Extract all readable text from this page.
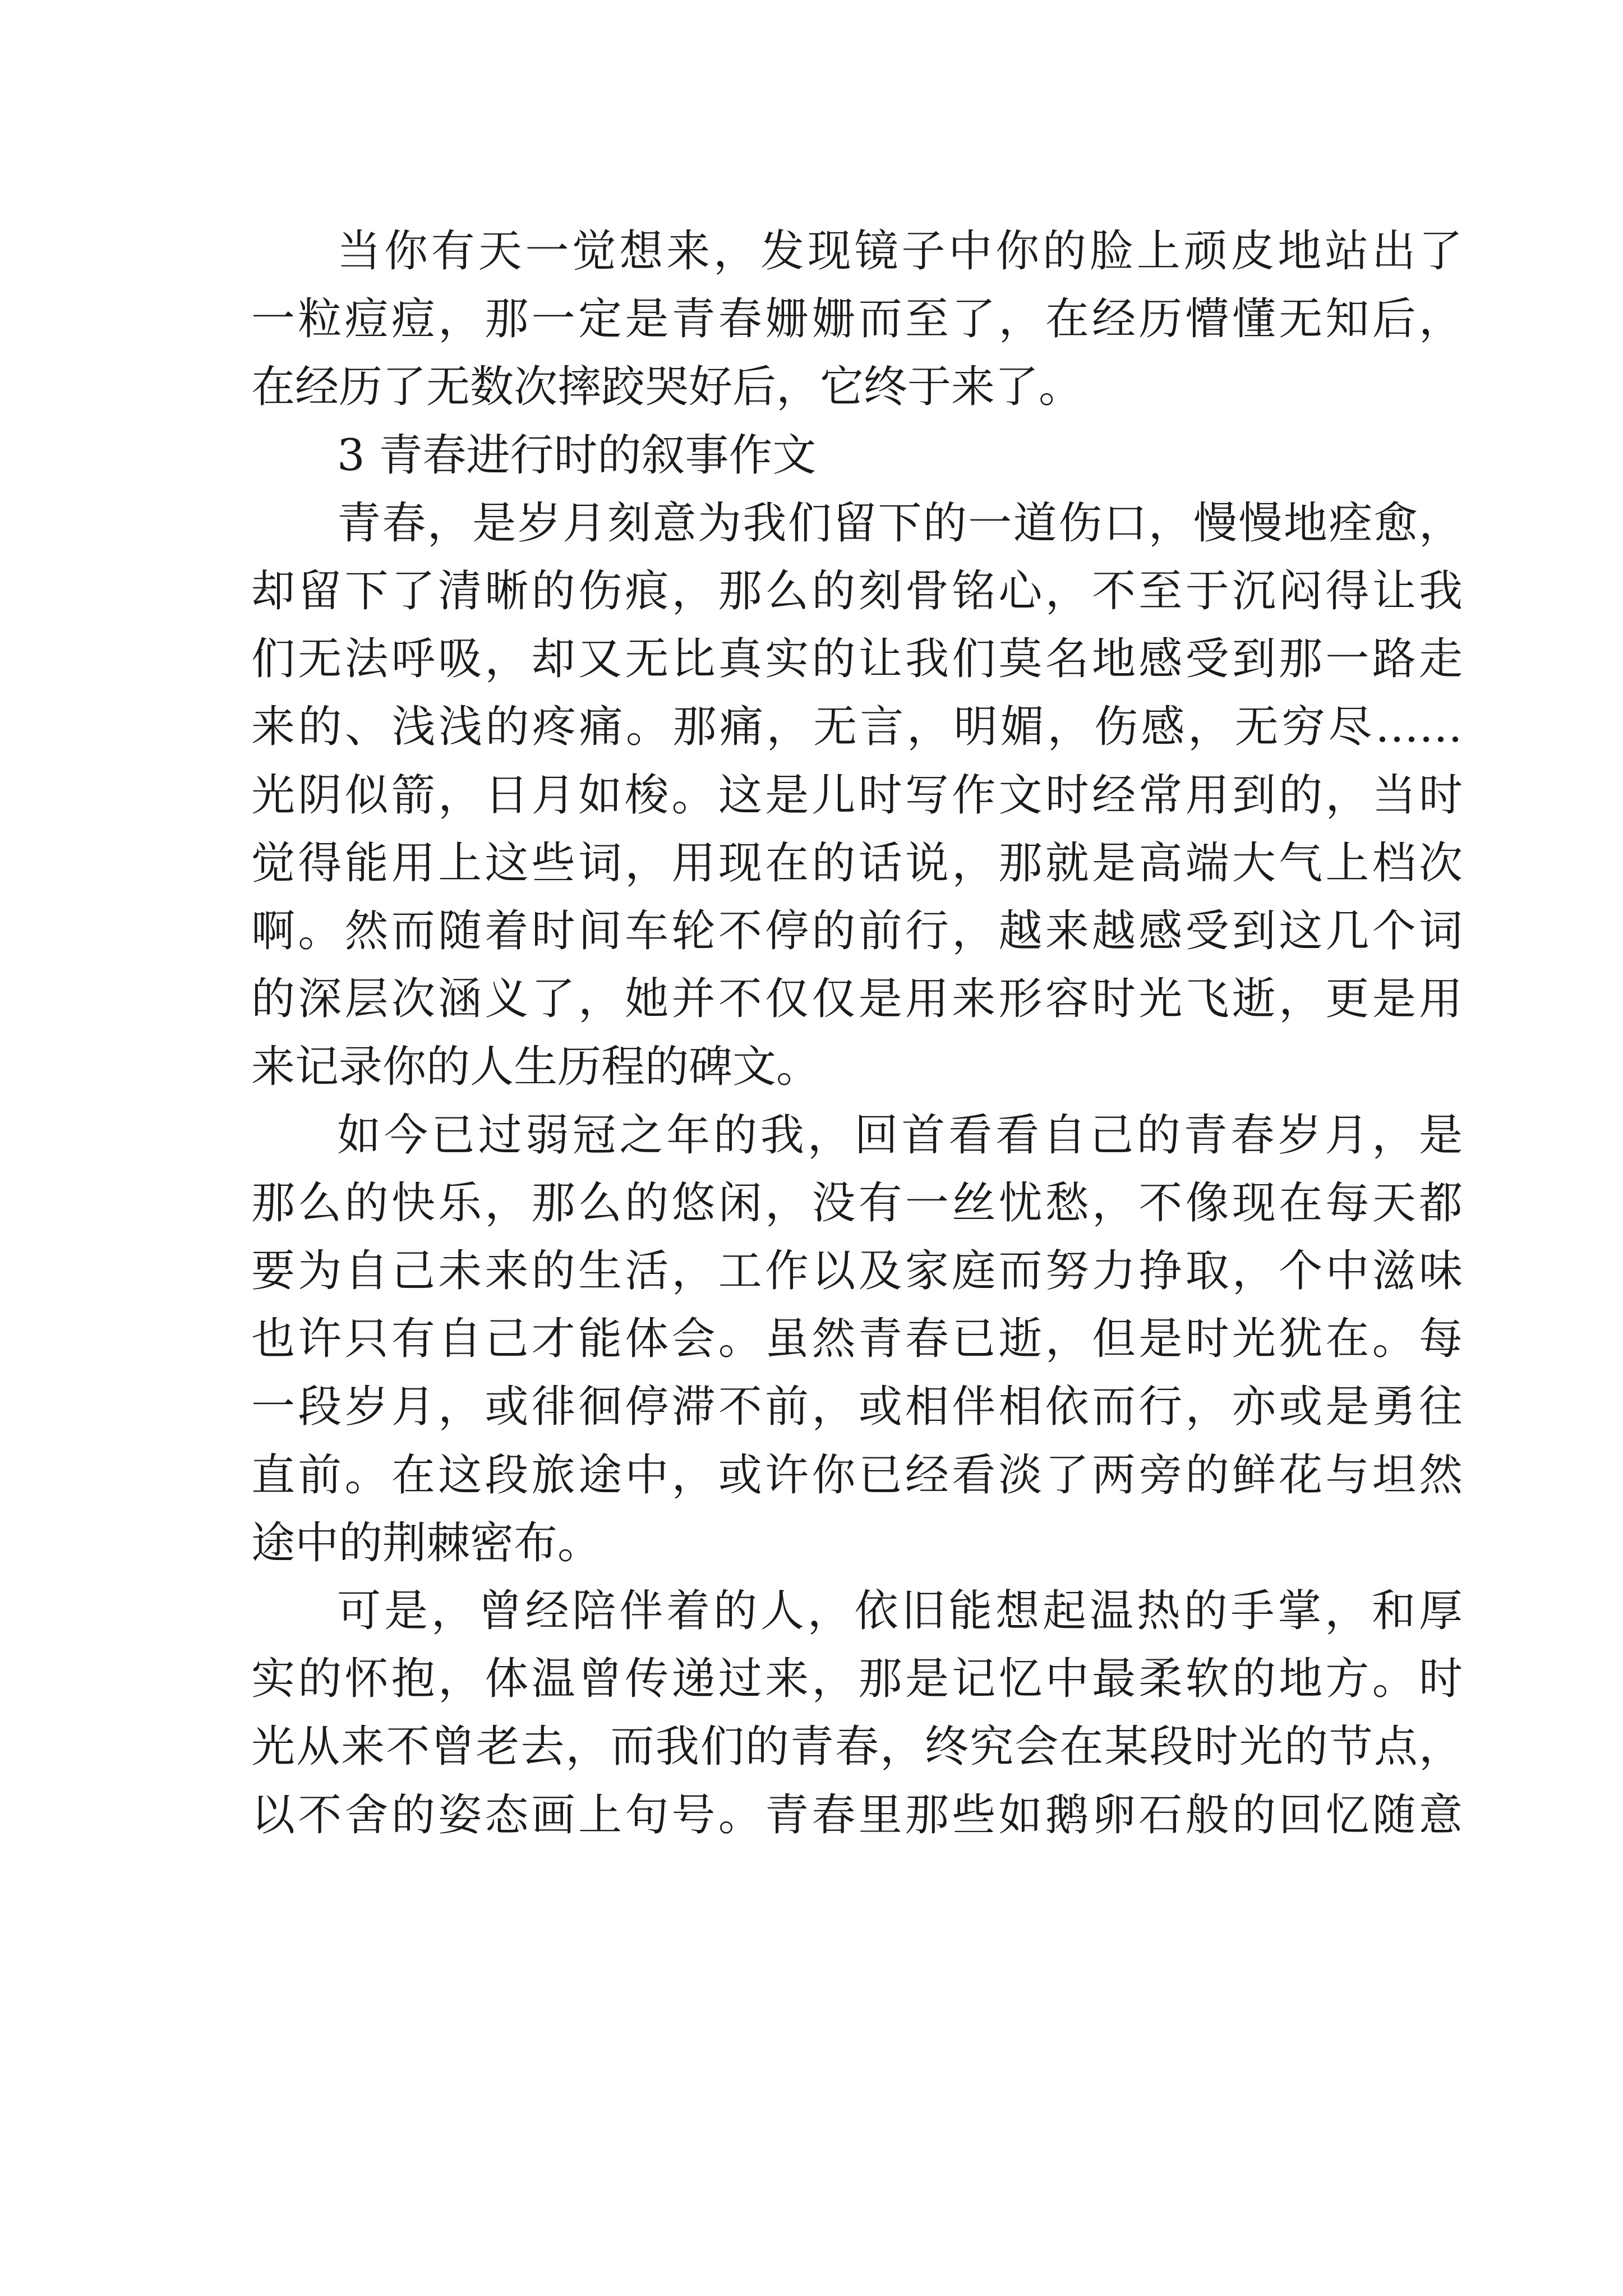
当你有天一觉想来，发现镜子中你的脸上顽皮地站出了
一粒痘痘，那一定是青春姗姗而至了，在经历懵懂无知后，
在经历了无数次摔跤哭好后，它终于来了。
3 青春进行时的叙事作文
青春，是岁月刻意为我们留下的一道伤口，慢慢地痊愈，
却留下了清晰的伤痕，那么的刻骨铭心，不至于沉闷得让我
们无法呼吸，却又无比真实的让我们莫名地感受到那一路走
来的、浅浅的疼痛。那痛，无言，明媚，伤感，无穷尽……
光阴似箭，日月如梭。这是儿时写作文时经常用到的，当时
觉得能用上这些词，用现在的话说，那就是高端大气上档次
啊。然而随着时间车轮不停的前行，越来越感受到这几个词
的深层次涵义了，她并不仅仅是用来形容时光飞逝，更是用
来记录你的人生历程的碑文。
如今已过弱冠之年的我，回首看看自己的青春岁月，是
那么的快乐，那么的悠闲，没有一丝忧愁，不像现在每天都
要为自己未来的生活，工作以及家庭而努力挣取，个中滋味
也许只有自己才能体会。虽然青春已逝，但是时光犹在。每
一段岁月，或徘徊停滞不前，或相伴相依而行，亦或是勇往
直前。在这段旅途中，或许你已经看淡了两旁的鲜花与坦然
途中的荆棘密布。
可是，曾经陪伴着的人，依旧能想起温热的手掌，和厚
实的怀抱，体温曾传递过来，那是记忆中最柔软的地方。时
光从来不曾老去，而我们的青春，终究会在某段时光的节点，
以不舍的姿态画上句号。青春里那些如鹅卵石般的回忆随意
